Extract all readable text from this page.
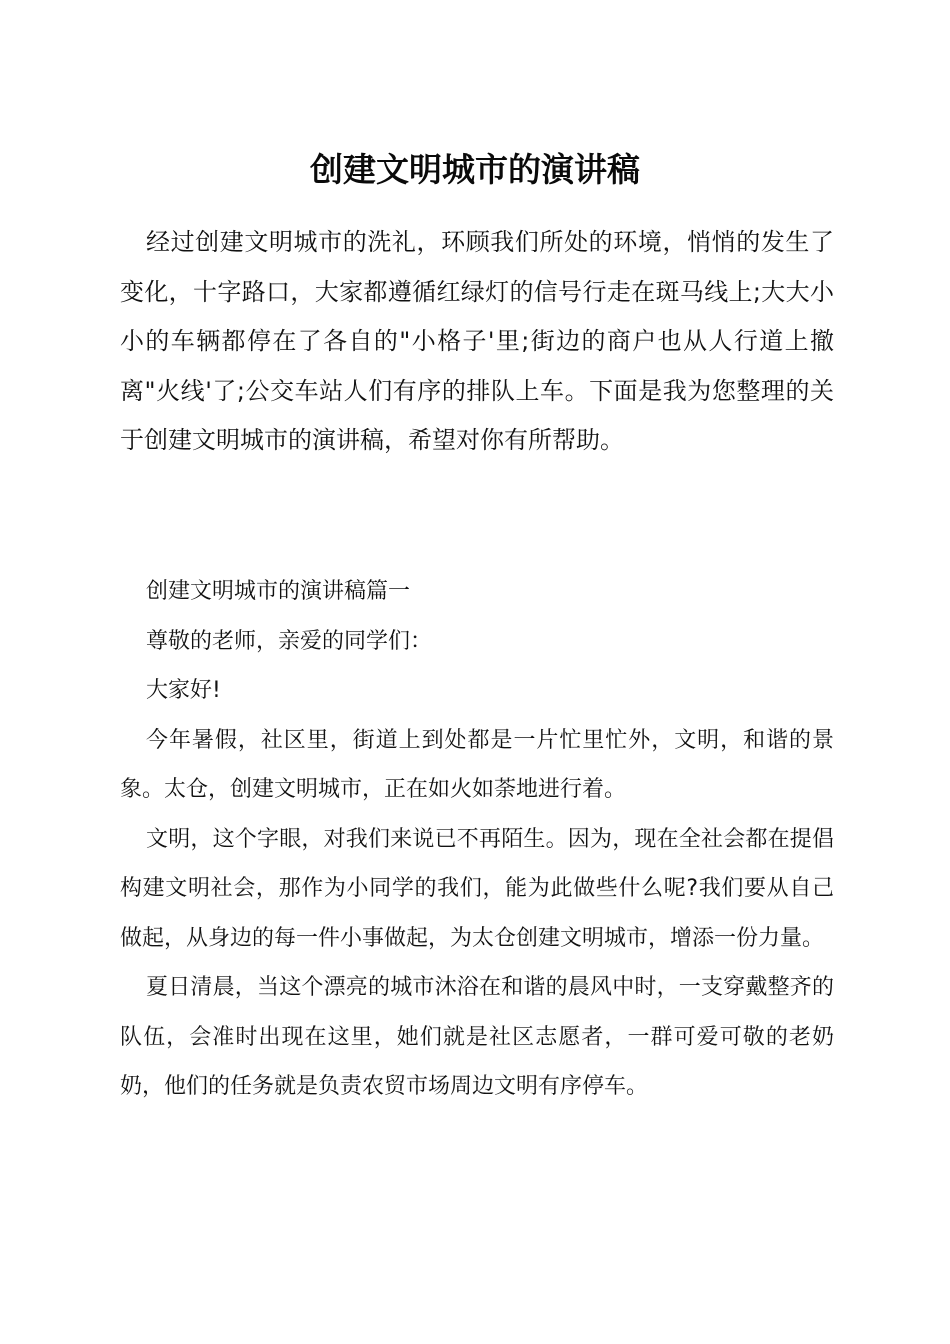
创建文明城市的演讲稿

经过创建文明城市的洗礼，环顾我们所处的环境，悄悄的发生了变化，十字路口，大家都遵循红绿灯的信号行走在斑马线上;大大小小的车辆都停在了各自的"小格子'里;街边的商户也从人行道上撤离"火线'了;公交车站人们有序的排队上车。下面是我为您整理的关于创建文明城市的演讲稿，希望对你有所帮助。

创建文明城市的演讲稿篇一

尊敬的老师，亲爱的同学们：

大家好!

今年暑假，社区里，街道上到处都是一片忙里忙外，文明，和谐的景象。太仓，创建文明城市，正在如火如荼地进行着。

文明，这个字眼，对我们来说已不再陌生。因为，现在全社会都在提倡构建文明社会，那作为小同学的我们，能为此做些什么呢?我们要从自己做起，从身边的每一件小事做起，为太仓创建文明城市，增添一份力量。

夏日清晨，当这个漂亮的城市沐浴在和谐的晨风中时，一支穿戴整齐的队伍，会准时出现在这里，她们就是社区志愿者，一群可爱可敬的老奶奶，他们的任务就是负责农贸市场周边文明有序停车。
